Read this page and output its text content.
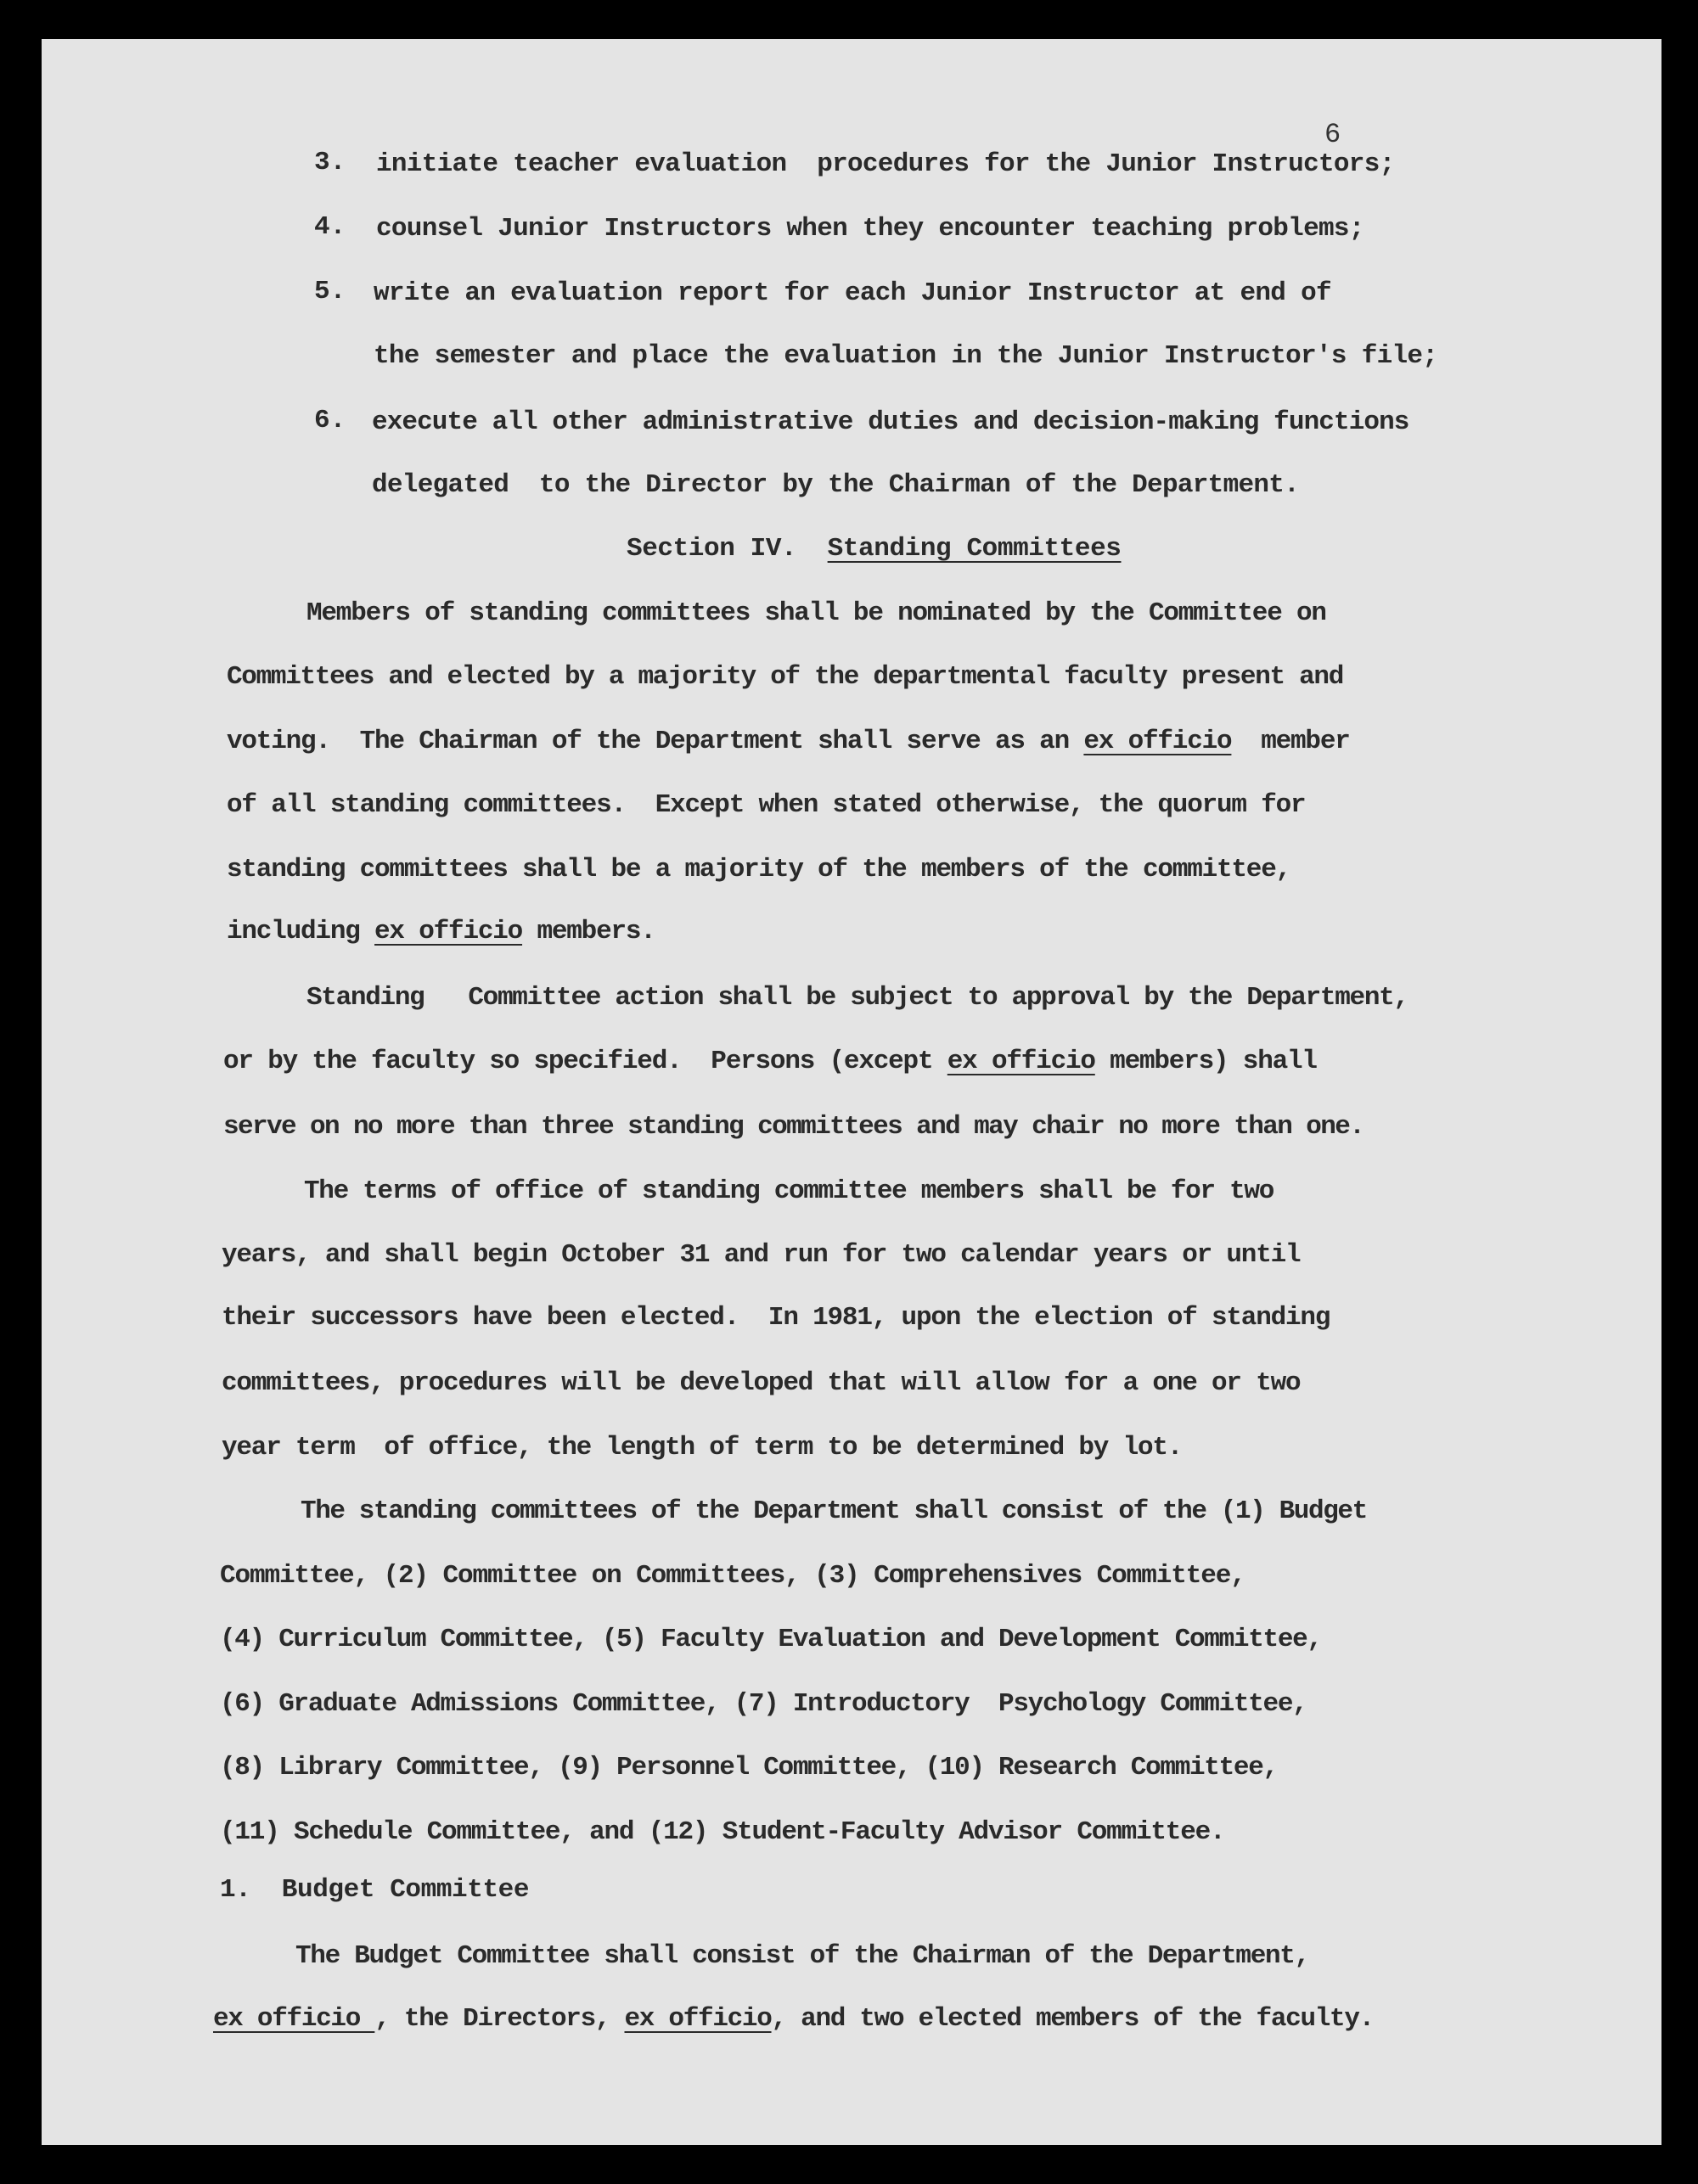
6
3. initiate teacher evaluation  procedures for the Junior Instructors;
4. counsel Junior Instructors when they encounter teaching problems;
5. write an evaluation report for each Junior Instructor at end of
the semester and place the evaluation in the Junior Instructor's file;
6. execute all other administrative duties and decision-making functions
delegated  to the Director by the Chairman of the Department.
Section IV. Standing Committees
Members of standing committees shall be nominated by the Committee on
Committees and elected by a majority of the departmental faculty present and
voting.  The Chairman of the Department shall serve as an ex officio  member
of all standing committees.  Except when stated otherwise, the quorum for
standing committees shall be a majority of the members of the committee,
including ex officio members.
Standing   Committee action shall be subject to approval by the Department,
or by the faculty so specified.  Persons (except ex officio members) shall
serve on no more than three standing committees and may chair no more than one.
The terms of office of standing committee members shall be for two
years, and shall begin October 31 and run for two calendar years or until
their successors have been elected.  In 1981, upon the election of standing
committees, procedures will be developed that will allow for a one or two
year term  of office, the length of term to be determined by lot.
The standing committees of the Department shall consist of the (1) Budget
Committee, (2) Committee on Committees, (3) Comprehensives Committee,
(4) Curriculum Committee, (5) Faculty Evaluation and Development Committee,
(6) Graduate Admissions Committee, (7) Introductory  Psychology Committee,
(8) Library Committee, (9) Personnel Committee, (10) Research Committee,
(11) Schedule Committee, and (12) Student-Faculty Advisor Committee.
1.  Budget Committee
The Budget Committee shall consist of the Chairman of the Department,
ex officio , the Directors, ex officio, and two elected members of the faculty.
